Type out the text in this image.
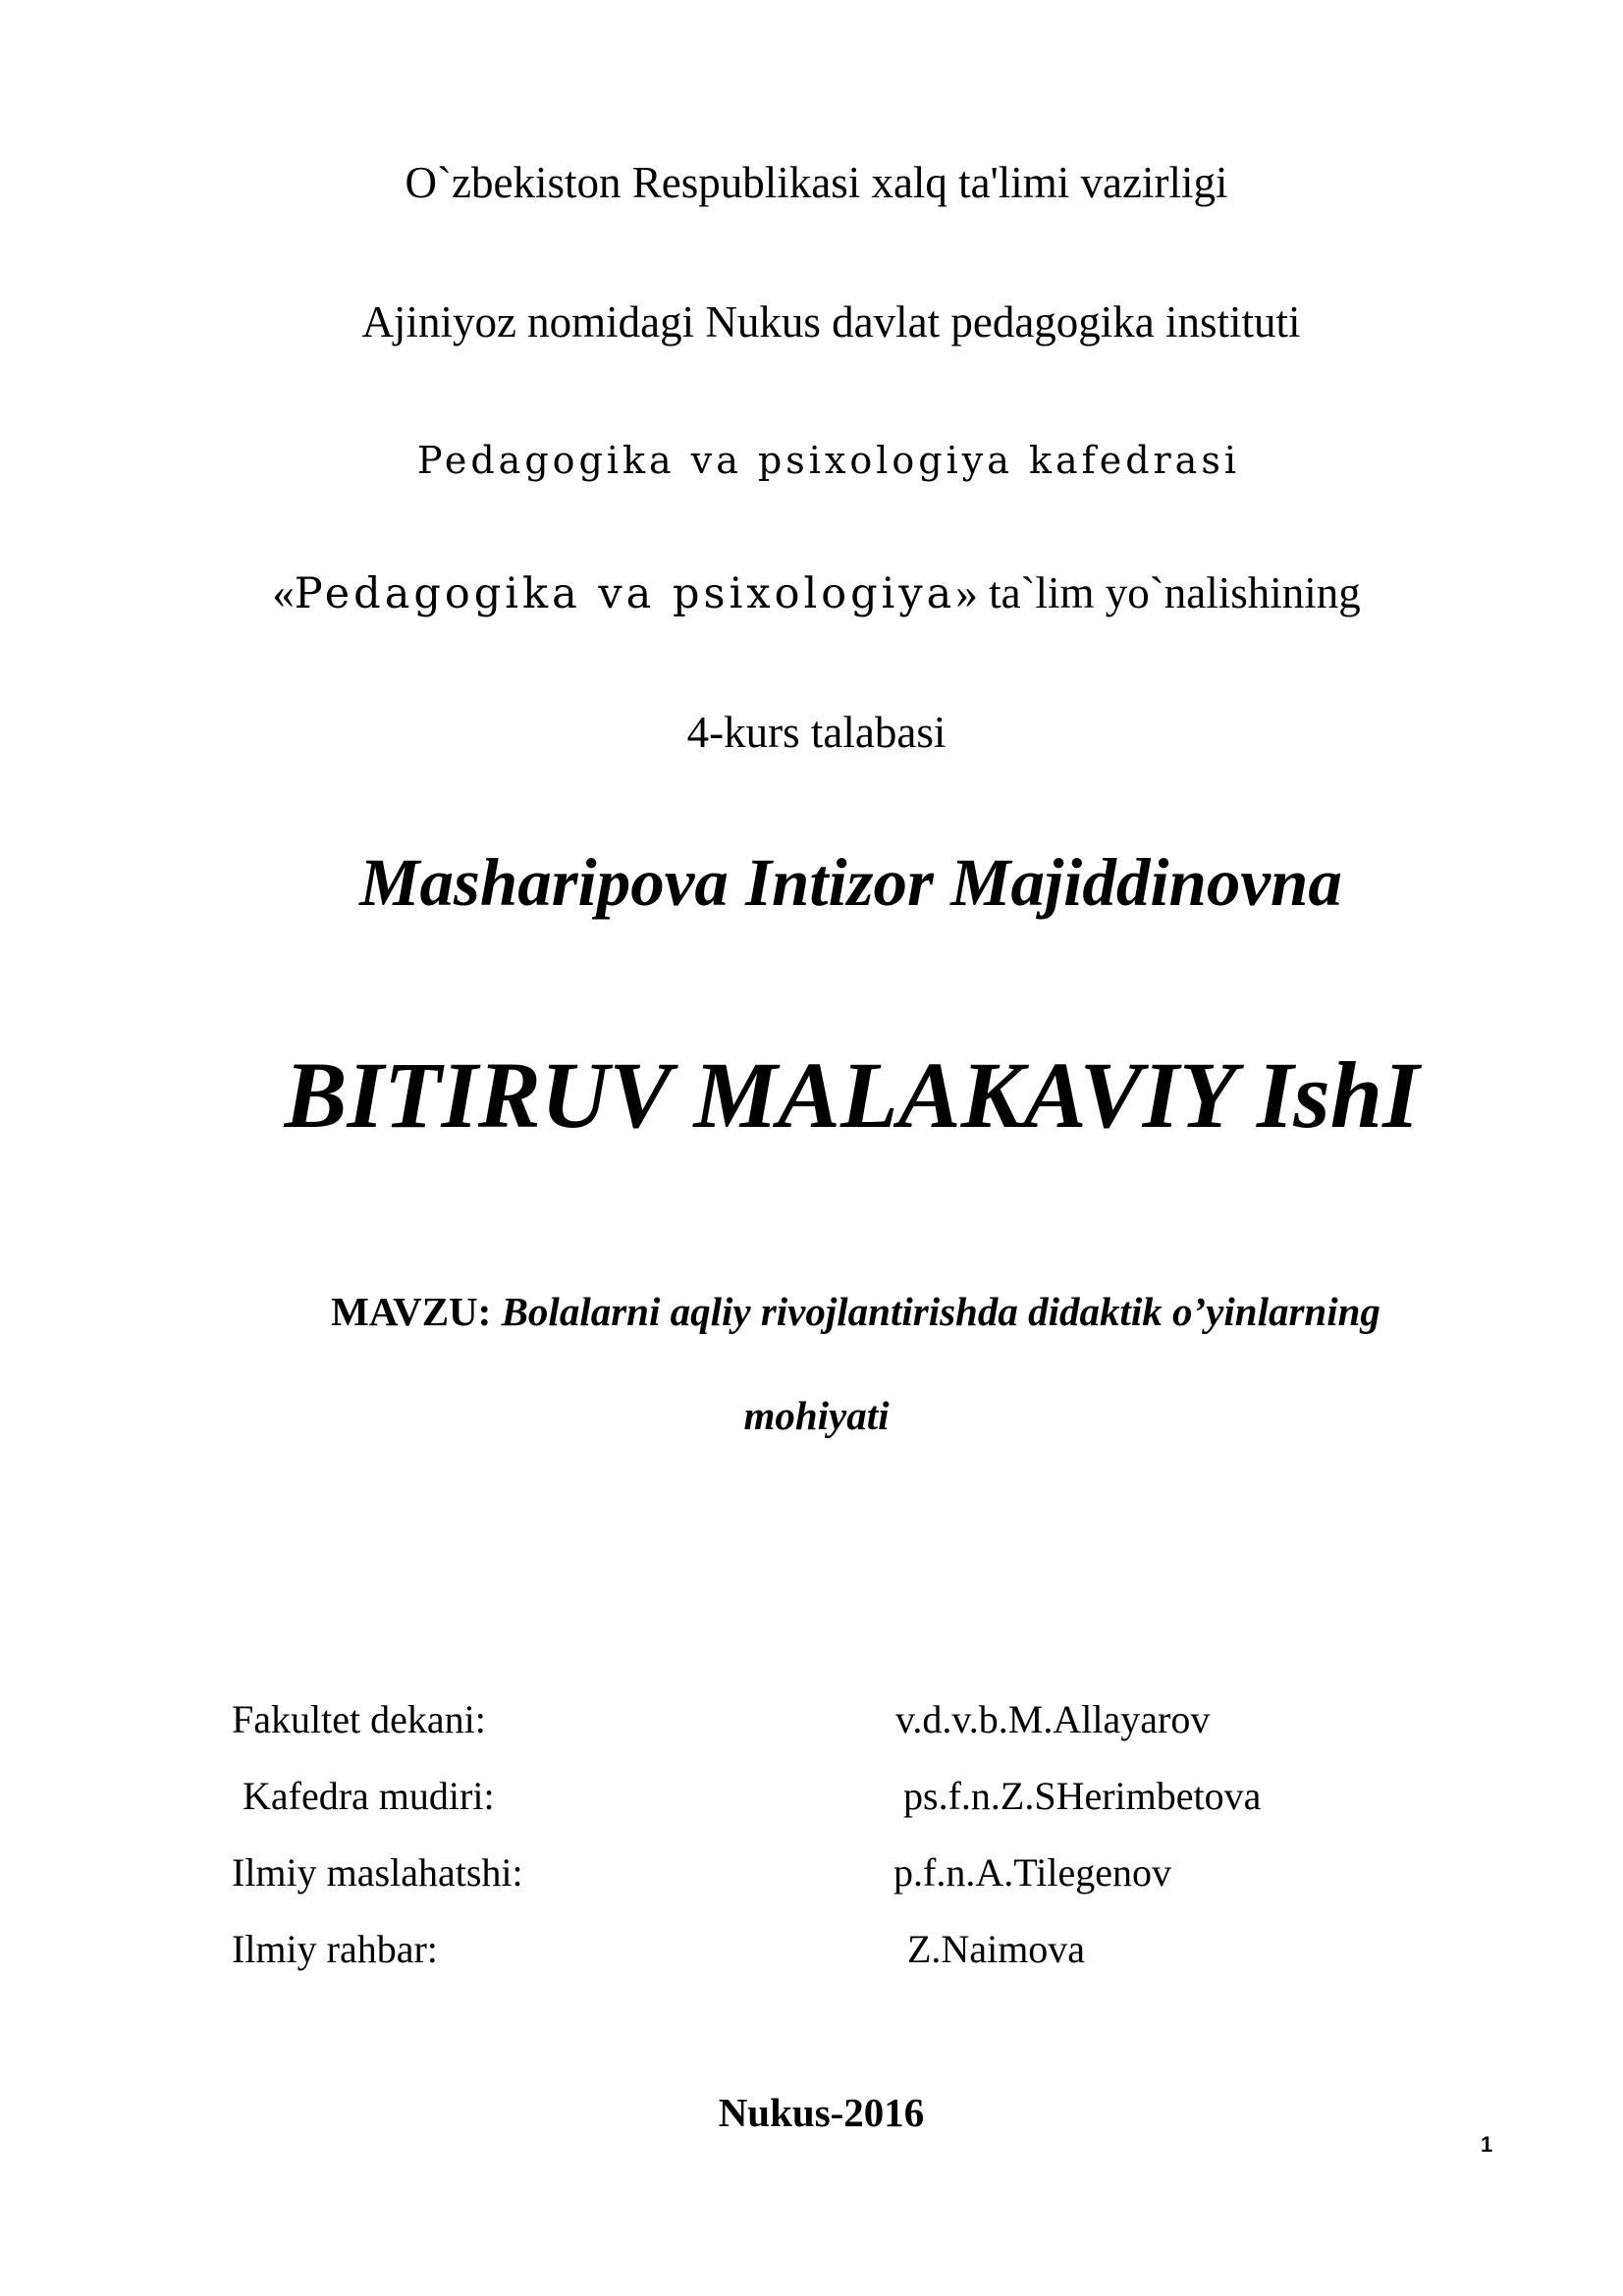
O`zbekiston Respublikasi xalq ta'limi vazirligi
Ajiniyoz nomidagi Nukus davlat pedagogika instituti
Pedagogika va psixologiya kafedrasi
«Pedagogika va psixologiya» ta`lim yo`nalishining
4-kurs talabasi
Masharipova Intizor Majiddinovna
BITIRUV MALAKAVIY IshI
MAVZU: Bolalarni aqliy rivojlantirishda didaktik o’yinlarning
mohiyati
Fakultet dekani:	v.d.v.b.M.Allayarov
Kafedra mudiri:	ps.f.n.Z.SHerimbetova
Ilmiy maslahatshi:	p.f.n.A.Tilegenov
Ilmiy rahbar:	Z.Naimova
Nukus-2016
1
